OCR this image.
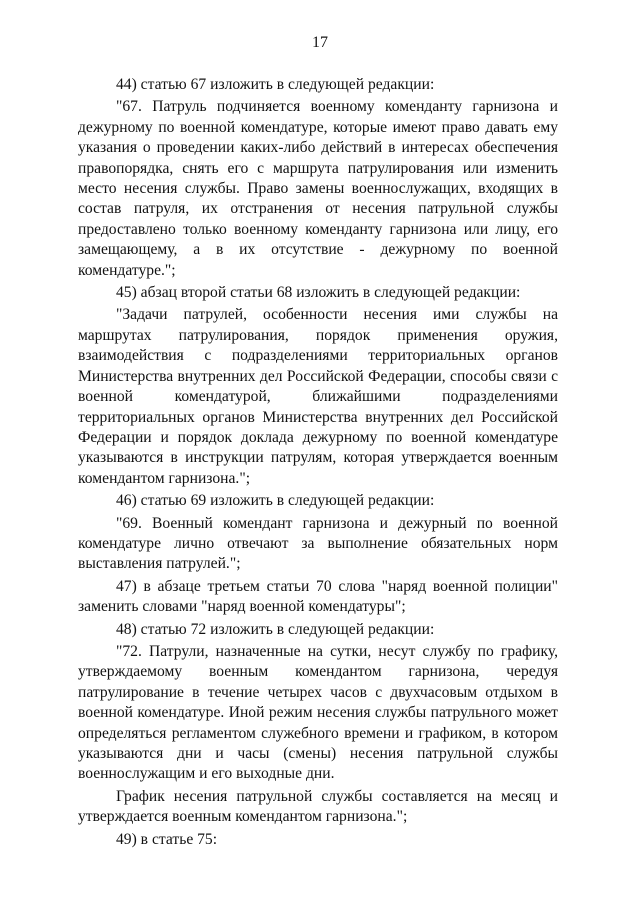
17

44) статью 67 изложить в следующей редакции:

"67. Патруль подчиняется военному коменданту гарнизона и дежурному по военной комендатуре, которые имеют право давать ему указания о проведении каких-либо действий в интересах обеспечения правопорядка, снять его с маршрута патрулирования или изменить место несения службы. Право замены военнослужащих, входящих в состав патруля, их отстранения от несения патрульной службы предоставлено только военному коменданту гарнизона или лицу, его замещающему, а в их отсутствие - дежурному по военной комендатуре.";

45) абзац второй статьи 68 изложить в следующей редакции:

"Задачи патрулей, особенности несения ими службы на маршрутах патрулирования, порядок применения оружия, взаимодействия с подразделениями территориальных органов Министерства внутренних дел Российской Федерации, способы связи с военной комендатурой, ближайшими подразделениями территориальных органов Министерства внутренних дел Российской Федерации и порядок доклада дежурному по военной комендатуре указываются в инструкции патрулям, которая утверждается военным комендантом гарнизона.";

46) статью 69 изложить в следующей редакции:

"69. Военный комендант гарнизона и дежурный по военной комендатуре лично отвечают за выполнение обязательных норм выставления патрулей.";

47) в абзаце третьем статьи 70 слова "наряд военной полиции" заменить словами "наряд военной комендатуры";

48) статью 72 изложить в следующей редакции:

"72. Патрули, назначенные на сутки, несут службу по графику, утверждаемому военным комендантом гарнизона, чередуя патрулирование в течение четырех часов с двухчасовым отдыхом в военной комендатуре. Иной режим несения службы патрульного может определяться регламентом служебного времени и графиком, в котором указываются дни и часы (смены) несения патрульной службы военнослужащим и его выходные дни.

График несения патрульной службы составляется на месяц и утверждается военным комендантом гарнизона.";

49) в статье 75:
